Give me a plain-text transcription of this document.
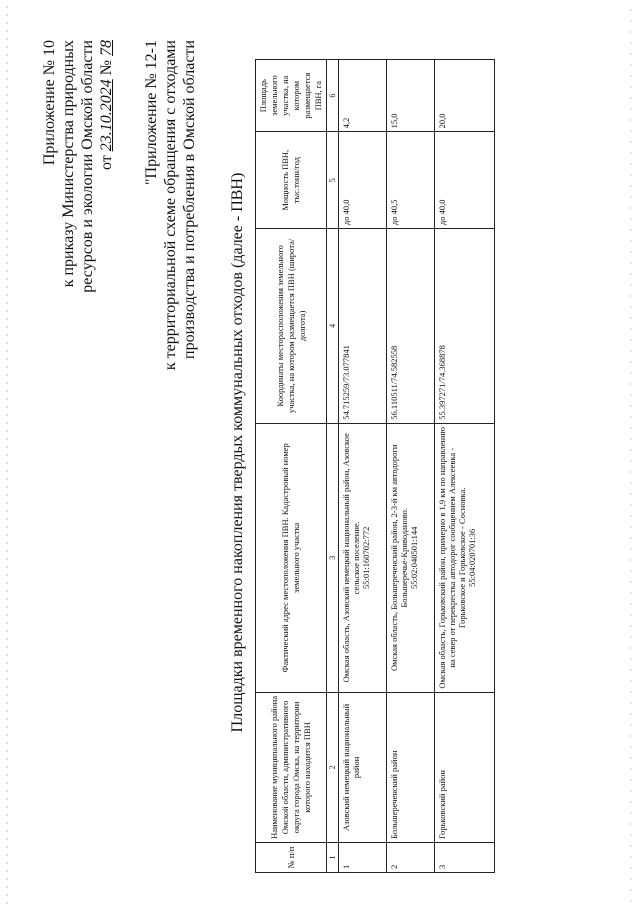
Приложение № 10 к приказу Министерства природных ресурсов и экологии Омской области от 23.10.2024 № 78 "Приложение № 12-1 к территориальной схеме обращения с отходами производства и потребления в Омской области Площадки временного накопления твердых коммунальных отходов (далее - ПВН)
№ п/п	Наименование муниципального района Омской области, административного округа города Омска, на территории которого находится ПВН	Фактический адрес местоположения ПВН. Кадастровый номер земельного участка	Координаты месторасположения земельного участка, на котором размещается ПВН (широта/долгота)	Мощность ПВН, тыс.тонн/год	Площадь земельного участка, на котором размещается ПВН, га
1	2	3	4	5	6
1	Азовский немецкий национальный район	Омская область, Азовский немецкий национальный район, Азовское сельское поселение. 55:01:160702:772	54.715259/73.077841	до 40,0	4,2
2	Большереченский район	Омская область, Большереченский район, 2-3-й км автодороги Большеречье-Криводаново. 55:02:040501:144	56.110511/74.582558	до 40,5	15,0
3	Горьковский район	Омская область, Горьковский район, примерно в 1,9 км по направлению на север от перекрестка автодорог сообщением Алексеевка - Горьковское и Горьковское - Сосновка. 55:04:020701:36	55.397271/74.368878	до 40,0	20,0
